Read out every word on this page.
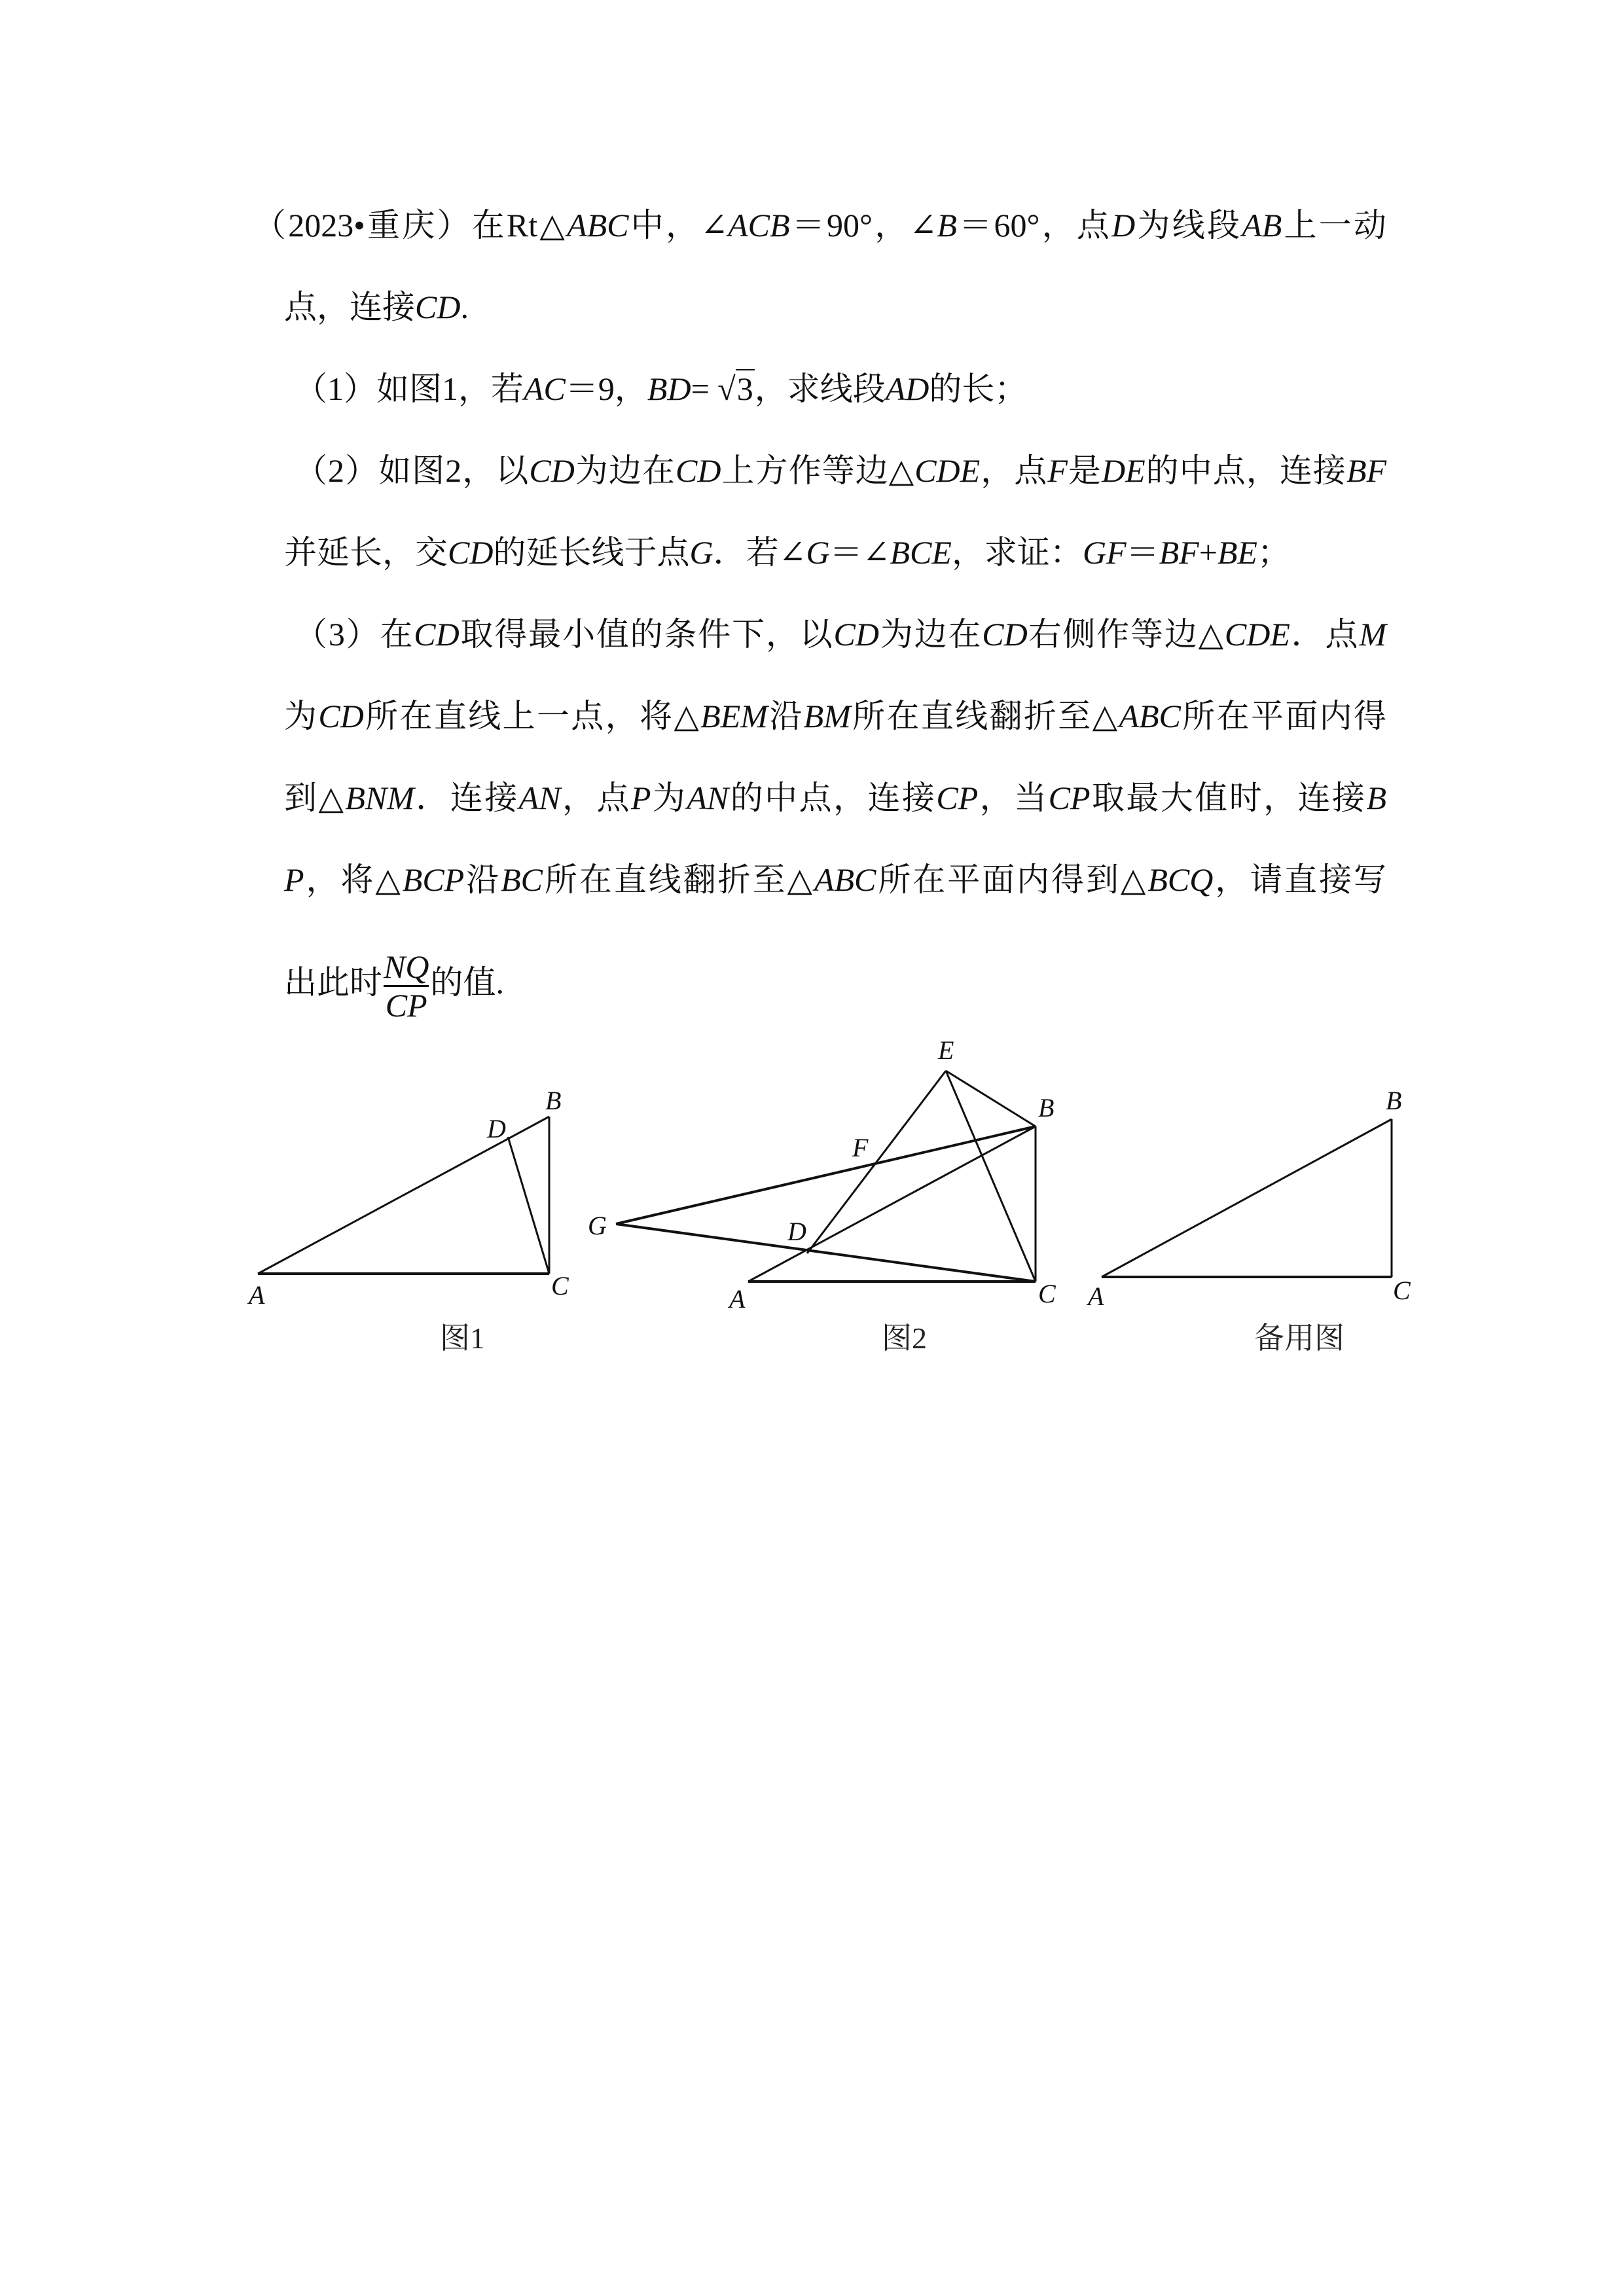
（2023•重庆）在Rt△ABC中，∠ACB＝90°，∠B＝60°，点D为线段AB上一动
点，连接CD.
（1）如图1，若AC＝9，BD= √3，求线段AD的长；
（2）如图2，以CD为边在CD上方作等边△CDE，点F是DE的中点，连接BF
并延长，交CD的延长线于点G．若∠G＝∠BCE，求证：GF＝BF+BE；
（3）在CD取得最小值的条件下，以CD为边在CD右侧作等边△CDE．点M
为CD所在直线上一点，将△BEM沿BM所在直线翻折至△ABC所在平面内得
到△BNM．连接AN，点P为AN的中点，连接CP，当CP取最大值时，连接B
P，将△BCP沿BC所在直线翻折至△ABC所在平面内得到△BCQ，请直接写
出此时 $\frac{NQ}{CP}$ 的值.
A
B
C
D
图1
A
B
C
D
E
F
G
图2
A
B
C
备用图
